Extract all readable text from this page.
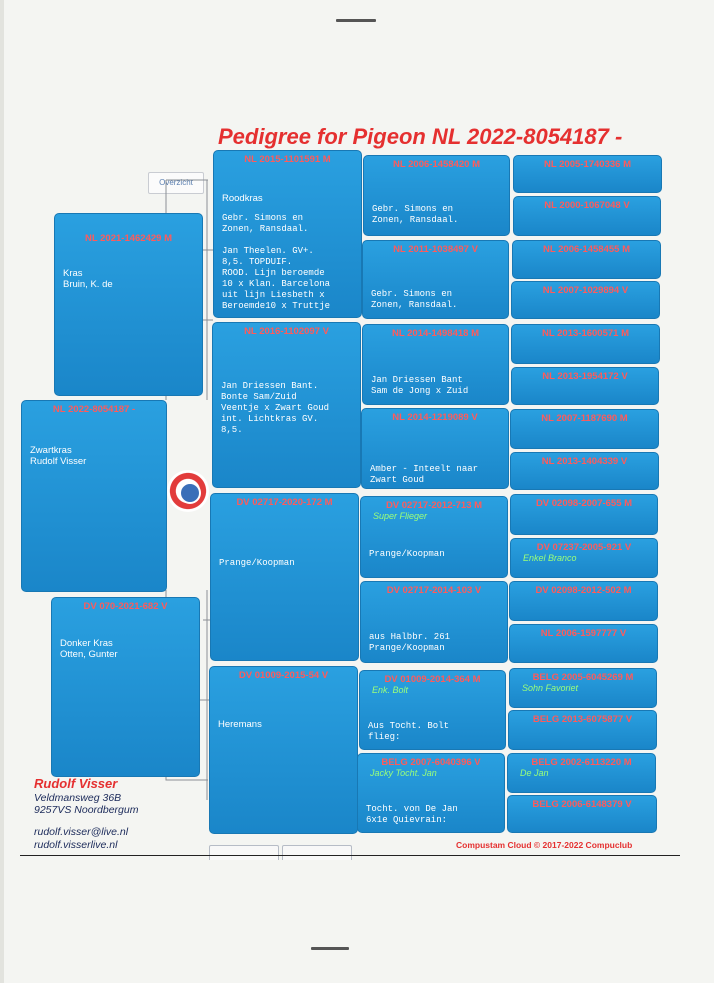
Pedigree for Pigeon NL 2022-8054187 -
Overzicht
NL 2022-8054187 -
Zwartkras
Rudolf Visser
NL 2021-1462429 M
Kras
Bruin, K. de
DV 070-2021-682 V
Donker Kras
Otten, Gunter
NL 2015-1101591 M
Roodkras
Gebr. Simons en
Zonen, Ransdaal.

Jan Theelen. GV+.
8,5. TOPDUIF.
ROOD. Lijn beroemde
10 x Klan. Barcelona
uit lijn Liesbeth x
Beroemde10 x Truttje
NL 2016-1102097 V
Jan Driessen Bant.
Bonte Sam/Zuid
Veentje x Zwart Goud
int. Lichtkras GV.
8,5.
DV 02717-2020-172 M
Prange/Koopman
DV 01009-2015-54 V
Heremans
NL 2006-1458420 M
Gebr. Simons en
Zonen, Ransdaal.
NL 2011-1038497 V
Gebr. Simons en
Zonen, Ransdaal.
NL 2014-1498418 M
Jan Driessen Bant
Sam de Jong x Zuid
NL 2014-1219089 V
Amber - Inteelt naar
Zwart Goud
DV 02717-2012-713 M
Super Flieger
Prange/Koopman
DV 02717-2014-103 V
aus Halbbr. 261
Prange/Koopman
DV 01009-2014-364 M
Enk. Bolt
Aus Tocht. Bolt
flieg:
BELG 2007-6040396 V
Jacky Tocht. Jan
Tocht. von De Jan
6x1e Quievrain:
NL 2005-1740336 M
NL 2000-1067048 V
NL 2006-1458455 M
NL 2007-1029894 V
NL 2013-1600571 M
NL 2013-1954172 V
NL 2007-1187690 M
NL 2013-1404339 V
DV 02098-2007-655 M
DV 07237-2005-921 V
Enkel Branco
DV 02098-2012-502 M
NL 2006-1597777 V
BELG 2005-6045269 M
Sohn Favoriet
BELG 2013-6075877 V
BELG 2002-6113220 M
De Jan
BELG 2006-6148379 V
Rudolf Visser
Veldmansweg 36B
9257VS Noordbergum
rudolf.visser@live.nl
rudolf.visserlive.nl	Compustam Cloud © 2017-2022 Compuclub
